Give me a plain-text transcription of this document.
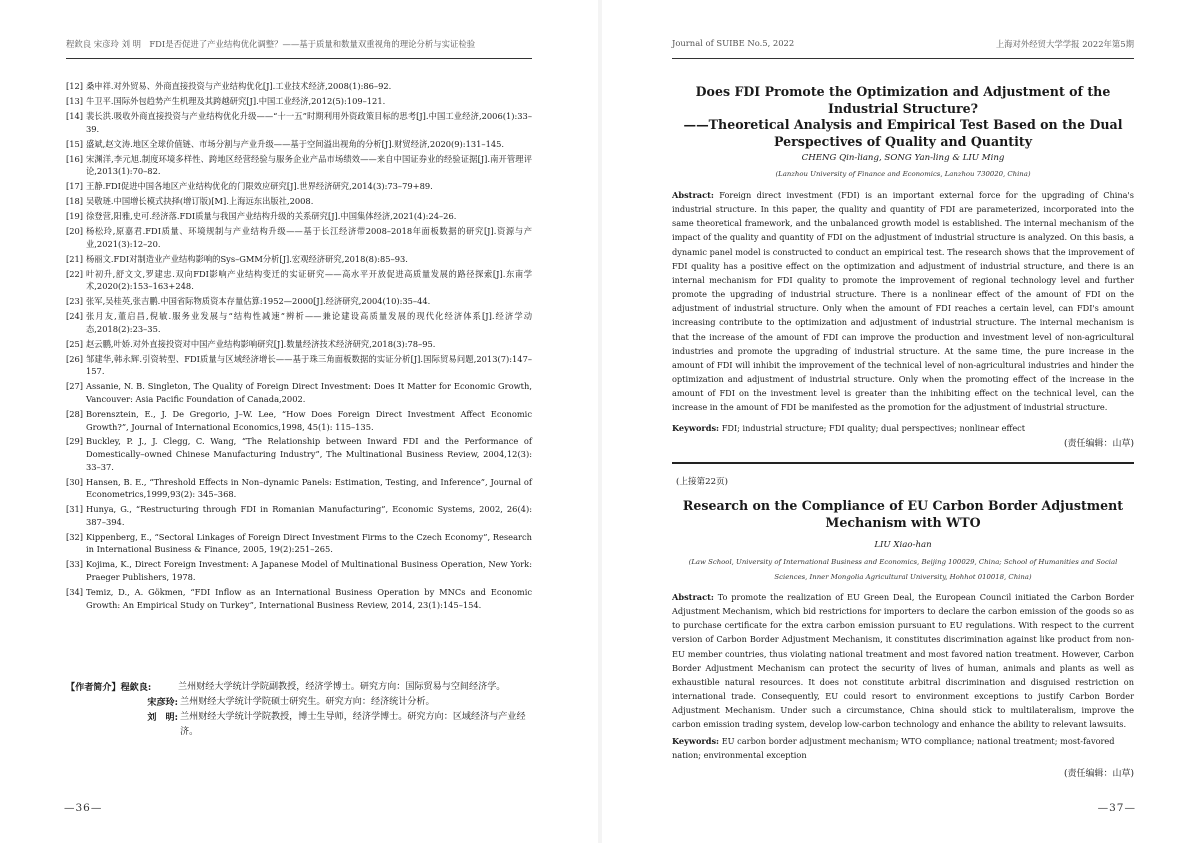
程欽良 宋彦玲 刘 明　FDI是否促进了产业结构优化调整？——基于质量和数量双重视角的理论分析与实证检验
[12] 桑申祥.对外贸易、外商直接投资与产业结构优化[J].工业技术经济,2008(1):86–92.
[13] 牛卫平.国际外包趋势产生机理及其跨越研究[J].中国工业经济,2012(5):109–121.
[14] 裴长洪.吸收外商直接投资与产业结构优化升级——“十一五”时期利用外资政策目标的思考[J].中国工业经济,2006(1):33–39.
[15] 盛斌,赵文涛.地区全球价值链、市场分割与产业升级——基于空间溢出视角的分析[J].财贸经济,2020(9):131–145.
[16] 宋渊洋,李元旭.制度环境多样性、跨地区经营经验与服务企业产品市场绩效——来自中国证券业的经验证据[J].南开管理评论,2013(1):70–82.
[17] 王静.FDI促进中国各地区产业结构优化的门限效应研究[J].世界经济研究,2014(3):73–79+89.
[18] 吴敬琏.中国增长模式抉择(增订版)[M].上海远东出版社,2008.
[19] 徐登营,阳雅,史可.经济落.FDI质量与我国产业结构升级的关系研究[J].中国集体经济,2021(4):24–26.
[20] 杨松玲,原嘉君.FDI质量、环境规制与产业结构升级——基于长江经济带2008–2018年面板数据的研究[J].资源与产业,2021(3):12–20.
[21] 杨丽文.FDI对制造业产业结构影响的Sys–GMM分析[J].宏观经济研究,2018(8):85–93.
[22] 叶初升,舒文文,罗建忠.双向FDI影响产业结构变迁的实证研究——高水平开放促进高质量发展的路径探索[J].东南学术,2020(2):153–163+248.
[23] 张军,吴桂英,张吉鹏.中国省际物质资本存量估算:1952—2000[J].经济研究,2004(10):35–44.
[24] 张月友,董启昌,倪敏.服务业发展与“结构性减速”辨析——兼论建设高质量发展的现代化经济体系[J].经济学动态,2018(2):23–35.
[25] 赵云鹏,叶娇.对外直接投资对中国产业结构影响研究[J].数量经济技术经济研究,2018(3):78–95.
[26] 邹建华,韩永辉.引资转型、FDI质量与区域经济增长——基于珠三角面板数据的实证分析[J].国际贸易问题,2013(7):147–157.
[27] Assanie, N. B. Singleton, The Quality of Foreign Direct Investment: Does It Matter for Economic Growth, Vancouver: Asia Pacific Foundation of Canada,2002.
[28] Borensztein, E., J. De Gregorio, J–W. Lee, “How Does Foreign Direct Investment Affect Economic Growth?”, Journal of International Economics,1998, 45(1): 115–135.
[29] Buckley, P. J., J. Clegg, C. Wang, “The Relationship between Inward FDI and the Performance of Domestically–owned Chinese Manufacturing Industry”, The Multinational Business Review, 2004,12(3): 33–37.
[30] Hansen, B. E., “Threshold Effects in Non–dynamic Panels: Estimation, Testing, and Inference”, Journal of Econometrics,1999,93(2): 345–368.
[31] Hunya, G., “Restructuring through FDI in Romanian Manufacturing”, Economic Systems, 2002, 26(4): 387–394.
[32] Kippenberg, E., “Sectoral Linkages of Foreign Direct Investment Firms to the Czech Economy”, Research in International Business & Finance, 2005, 19(2):251–265.
[33] Kojima, K., Direct Foreign Investment: A Japanese Model of Multinational Business Operation, New York: Praeger Publishers, 1978.
[34] Temiz, D., A. Gökmen, “FDI Inflow as an International Business Operation by MNCs and Economic Growth: An Empirical Study on Turkey”, International Business Review, 2014, 23(1):145–154.
【作者简介】程欽良:	兰州财经大学统计学院副教授，经济学博士。研究方向：国际贸易与空间经济学。
宋彦玲: 兰州财经大学统计学院硕士研究生。研究方向：经济统计分析。
刘　明: 兰州财经大学统计学院教授，博士生导师，经济学博士。研究方向：区域经济与产业经济。
—36—
Journal of SUIBE No.5, 2022	上海对外经贸大学学报 2022年第5期
Does FDI Promote the Optimization and Adjustment of the Industrial Structure?
——Theoretical Analysis and Empirical Test Based on the Dual Perspectives of Quality and Quantity
CHENG Qin-liang, SONG Yan-ling & LIU Ming
(Lanzhou University of Finance and Economics, Lanzhou 730020, China)
Abstract: Foreign direct investment (FDI) is an important external force for the upgrading of China's industrial structure. In this paper, the quality and quantity of FDI are parameterized, incorporated into the same theoretical framework, and the unbalanced growth model is established. The internal mechanism of the impact of the quality and quantity of FDI on the adjustment of industrial structure is analyzed. On this basis, a dynamic panel model is constructed to conduct an empirical test. The research shows that the improvement of FDI quality has a positive effect on the optimization and adjustment of industrial structure, and there is an internal mechanism for FDI quality to promote the improvement of regional technology level and further promote the upgrading of industrial structure. There is a nonlinear effect of the amount of FDI on the adjustment of industrial structure. Only when the amount of FDI reaches a certain level, can FDI's amount increasing contribute to the optimization and adjustment of industrial structure. The internal mechanism is that the increase of the amount of FDI can improve the production and investment level of non-agricultural industries and promote the upgrading of industrial structure. At the same time, the pure increase in the amount of FDI will inhibit the improvement of the technical level of non-agricultural industries and hinder the optimization and adjustment of industrial structure. Only when the promoting effect of the increase in the amount of FDI on the investment level is greater than the inhibiting effect on the technical level, can the increase in the amount of FDI be manifested as the promotion for the adjustment of industrial structure.
Keywords: FDI; industrial structure; FDI quality; dual perspectives; nonlinear effect
(责任编辑：山草)
(上接第22页)
Research on the Compliance of EU Carbon Border Adjustment Mechanism with WTO
LIU Xiao-han
(Law School, University of International Business and Economics, Beijing 100029, China; School of Humanities and Social Sciences, Inner Mongolia Agricultural University, Hohhot 010018, China)
Abstract: To promote the realization of EU Green Deal, the European Council initiated the Carbon Border Adjustment Mechanism, which bid restrictions for importers to declare the carbon emission of the goods so as to purchase certificate for the extra carbon emission pursuant to EU regulations. With respect to the current version of Carbon Border Adjustment Mechanism, it constitutes discrimination against like product from non-EU member countries, thus violating national treatment and most favored nation treatment. However, Carbon Border Adjustment Mechanism can protect the security of lives of human, animals and plants as well as exhaustible natural resources. It does not constitute arbitral discrimination and disguised restriction on international trade. Consequently, EU could resort to environment exceptions to justify Carbon Border Adjustment Mechanism. Under such a circumstance, China should stick to multilateralism, improve the carbon emission trading system, develop low-carbon technology and enhance the ability to relevant lawsuits.
Keywords: EU carbon border adjustment mechanism; WTO compliance; national treatment; most-favored nation; environmental exception
(责任编辑：山草)
—37—
